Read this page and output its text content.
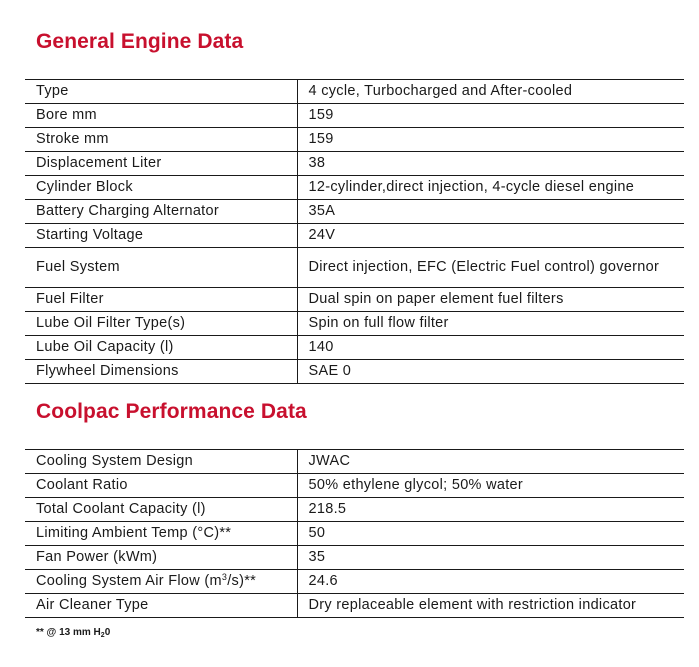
General Engine Data
Type	4 cycle, Turbocharged and After-cooled
Bore mm	159
Stroke mm	159
Displacement Liter	38
Cylinder Block	12-cylinder,direct injection, 4-cycle diesel engine
Battery Charging Alternator	35A
Starting Voltage	24V
Fuel System	Direct injection, EFC (Electric Fuel control) governor
Fuel Filter	Dual spin on paper element fuel filters
Lube Oil Filter Type(s)	Spin on full flow filter
Lube Oil Capacity (l)	140
Flywheel Dimensions	SAE 0
Coolpac Performance Data
Cooling System Design	JWAC
Coolant Ratio	50% ethylene glycol; 50% water
Total Coolant Capacity (l)	218.5
Limiting Ambient Temp (°C)**	50
Fan Power (kWm)	35
Cooling System Air Flow $(m^3/s)**$	24.6
Air Cleaner Type	Dry replaceable element with restriction indicator

** @ 13 mm $H_20$
